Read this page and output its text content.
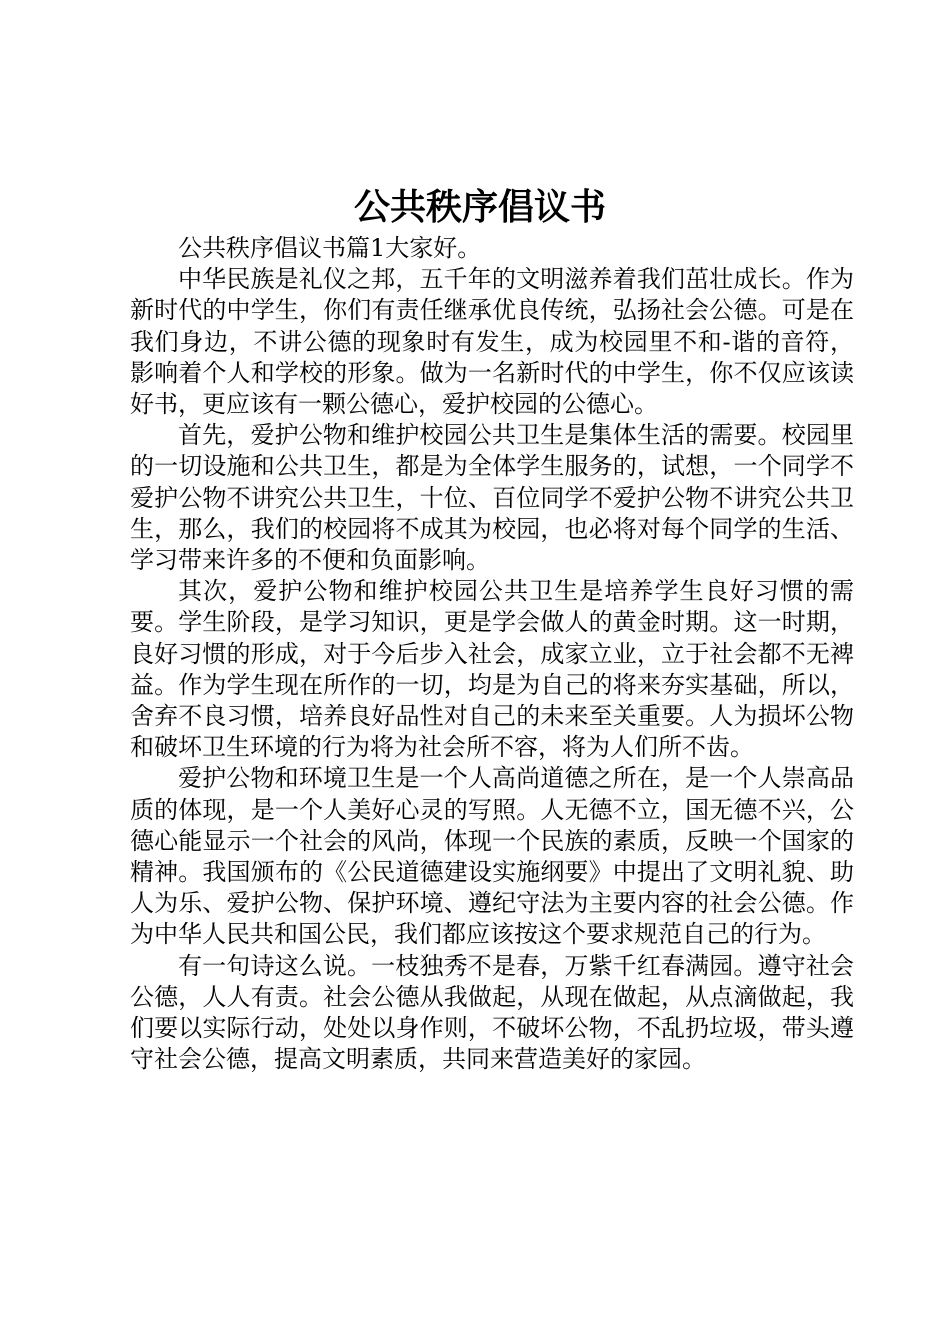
公共秩序倡议书

公共秩序倡议书篇1大家好。

中华民族是礼仪之邦，五千年的文明滋养着我们茁壮成长。作为新时代的中学生，你们有责任继承优良传统，弘扬社会公德。可是在我们身边，不讲公德的现象时有发生，成为校园里不和-谐的音符，影响着个人和学校的形象。做为一名新时代的中学生，你不仅应该读好书，更应该有一颗公德心，爱护校园的公德心。

首先，爱护公物和维护校园公共卫生是集体生活的需要。校园里的一切设施和公共卫生，都是为全体学生服务的，试想，一个同学不爱护公物不讲究公共卫生，十位、百位同学不爱护公物不讲究公共卫生，那么，我们的校园将不成其为校园，也必将对每个同学的生活、学习带来许多的不便和负面影响。

其次，爱护公物和维护校园公共卫生是培养学生良好习惯的需要。学生阶段，是学习知识，更是学会做人的黄金时期。这一时期，良好习惯的形成，对于今后步入社会，成家立业，立于社会都不无裨益。作为学生现在所作的一切，均是为自己的将来夯实基础，所以，舍弃不良习惯，培养良好品性对自己的未来至关重要。人为损坏公物和破坏卫生环境的行为将为社会所不容，将为人们所不齿。

爱护公物和环境卫生是一个人高尚道德之所在，是一个人崇高品质的体现，是一个人美好心灵的写照。人无德不立，国无德不兴，公德心能显示一个社会的风尚，体现一个民族的素质，反映一个国家的精神。我国颁布的《公民道德建设实施纲要》中提出了文明礼貌、助人为乐、爱护公物、保护环境、遵纪守法为主要内容的社会公德。作为中华人民共和国公民，我们都应该按这个要求规范自己的行为。

有一句诗这么说。一枝独秀不是春，万紫千红春满园。遵守社会公德，人人有责。社会公德从我做起，从现在做起，从点滴做起，我们要以实际行动，处处以身作则，不破坏公物，不乱扔垃圾，带头遵守社会公德，提高文明素质，共同来营造美好的家园。
